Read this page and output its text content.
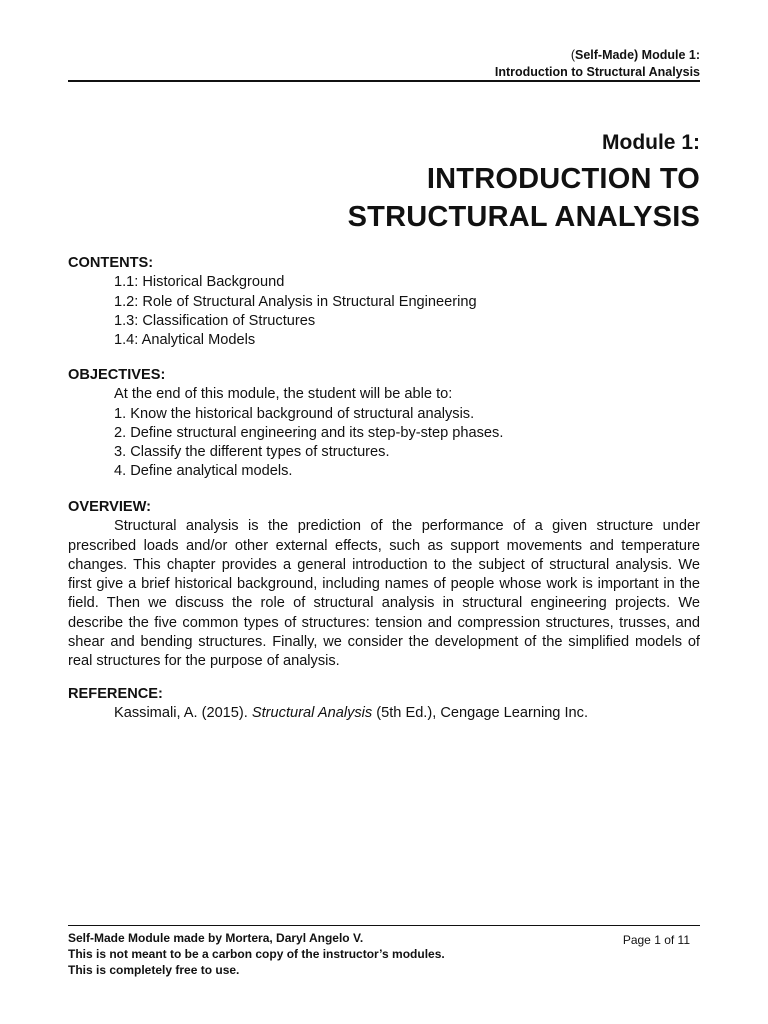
(Self-Made) Module 1:
Introduction to Structural Analysis
Module 1:
INTRODUCTION TO
STRUCTURAL ANALYSIS
CONTENTS:
1.1: Historical Background
1.2: Role of Structural Analysis in Structural Engineering
1.3: Classification of Structures
1.4: Analytical Models
OBJECTIVES:
At the end of this module, the student will be able to:
1. Know the historical background of structural analysis.
2. Define structural engineering and its step-by-step phases.
3. Classify the different types of structures.
4. Define analytical models.
OVERVIEW:
Structural analysis is the prediction of the performance of a given structure under prescribed loads and/or other external effects, such as support movements and temperature changes. This chapter provides a general introduction to the subject of structural analysis. We first give a brief historical background, including names of people whose work is important in the field. Then we discuss the role of structural analysis in structural engineering projects. We describe the five common types of structures: tension and compression structures, trusses, and shear and bending structures. Finally, we consider the development of the simplified models of real structures for the purpose of analysis.
REFERENCE:
Kassimali, A. (2015). Structural Analysis (5th Ed.), Cengage Learning Inc.
Self-Made Module made by Mortera, Daryl Angelo V.
This is not meant to be a carbon copy of the instructor’s modules.
This is completely free to use.
Page 1 of 11
